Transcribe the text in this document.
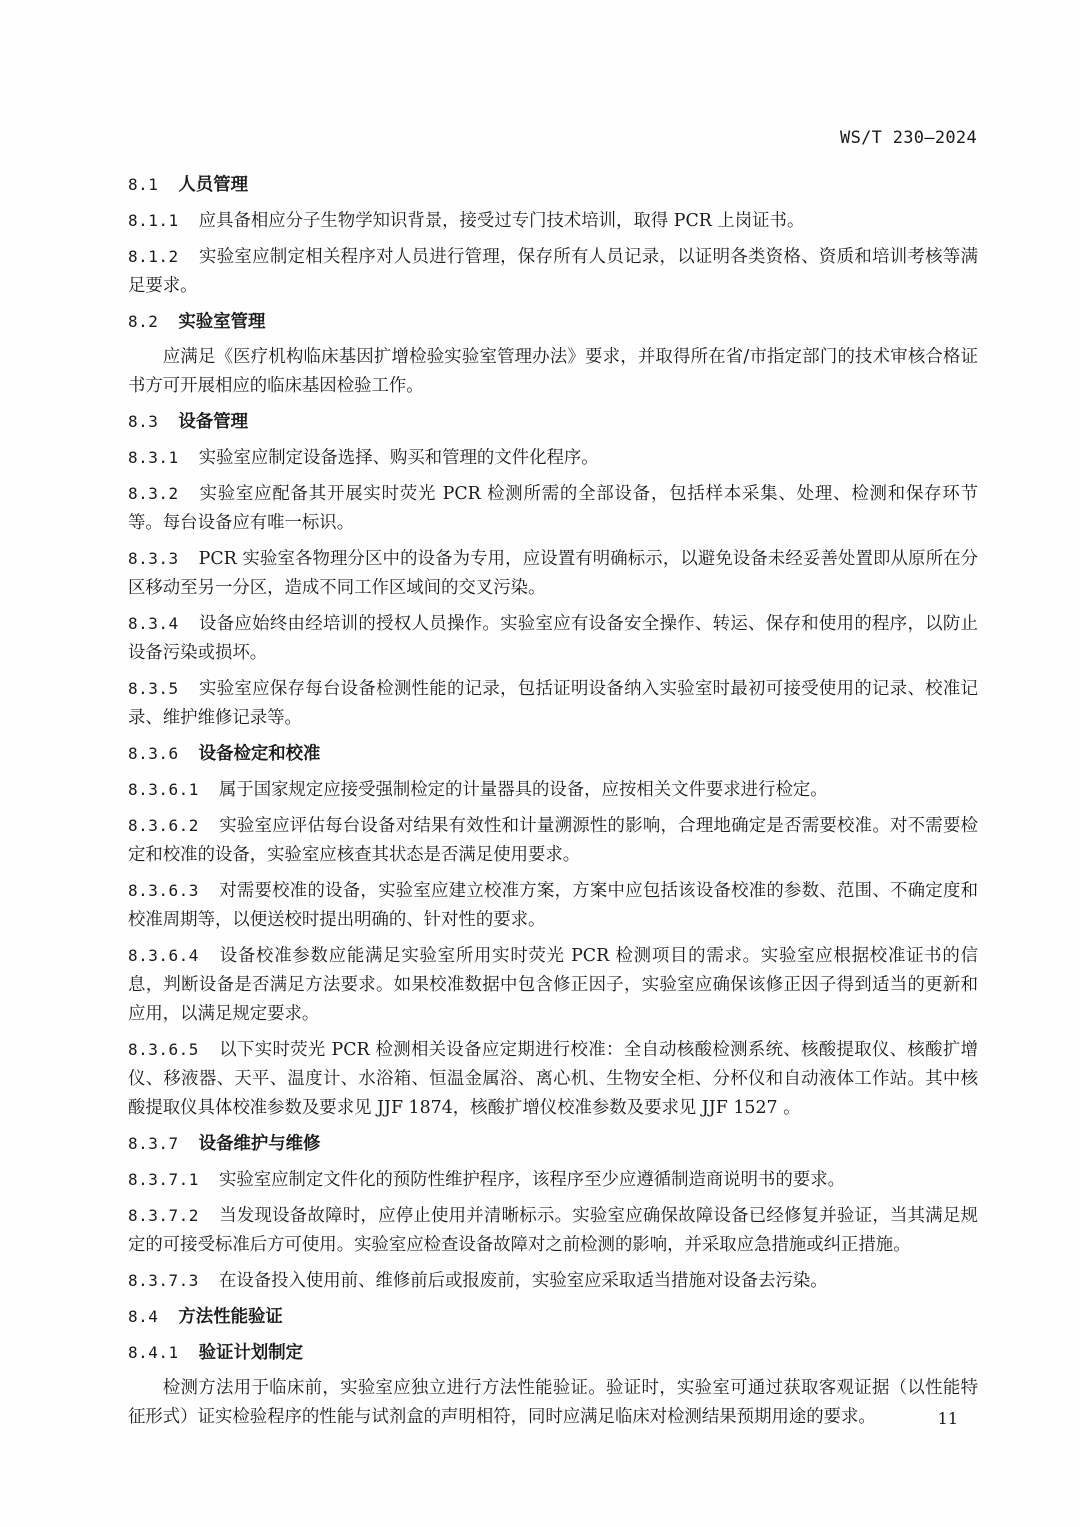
WS/T 230—2024
8.1 人员管理
8.1.1 应具备相应分子生物学知识背景，接受过专门技术培训，取得 PCR 上岗证书。
8.1.2 实验室应制定相关程序对人员进行管理，保存所有人员记录，以证明各类资格、资质和培训考核等满足要求。
8.2 实验室管理
应满足《医疗机构临床基因扩增检验实验室管理办法》要求，并取得所在省/市指定部门的技术审核合格证书方可开展相应的临床基因检验工作。
8.3 设备管理
8.3.1 实验室应制定设备选择、购买和管理的文件化程序。
8.3.2 实验室应配备其开展实时荧光 PCR 检测所需的全部设备，包括样本采集、处理、检测和保存环节等。每台设备应有唯一标识。
8.3.3 PCR 实验室各物理分区中的设备为专用，应设置有明确标示，以避免设备未经妥善处置即从原所在分区移动至另一分区，造成不同工作区域间的交叉污染。
8.3.4 设备应始终由经培训的授权人员操作。实验室应有设备安全操作、转运、保存和使用的程序，以防止设备污染或损坏。
8.3.5 实验室应保存每台设备检测性能的记录，包括证明设备纳入实验室时最初可接受使用的记录、校准记录、维护维修记录等。
8.3.6 设备检定和校准
8.3.6.1 属于国家规定应接受强制检定的计量器具的设备，应按相关文件要求进行检定。
8.3.6.2 实验室应评估每台设备对结果有效性和计量溯源性的影响，合理地确定是否需要校准。对不需要检定和校准的设备，实验室应核查其状态是否满足使用要求。
8.3.6.3 对需要校准的设备，实验室应建立校准方案，方案中应包括该设备校准的参数、范围、不确定度和校准周期等，以便送校时提出明确的、针对性的要求。
8.3.6.4 设备校准参数应能满足实验室所用实时荧光 PCR 检测项目的需求。实验室应根据校准证书的信息，判断设备是否满足方法要求。如果校准数据中包含修正因子，实验室应确保该修正因子得到适当的更新和应用，以满足规定要求。
8.3.6.5 以下实时荧光 PCR 检测相关设备应定期进行校准：全自动核酸检测系统、核酸提取仪、核酸扩增仪、移液器、天平、温度计、水浴箱、恒温金属浴、离心机、生物安全柜、分杯仪和自动液体工作站。其中核酸提取仪具体校准参数及要求见 JJF 1874，核酸扩增仪校准参数及要求见 JJF 1527 。
8.3.7 设备维护与维修
8.3.7.1 实验室应制定文件化的预防性维护程序，该程序至少应遵循制造商说明书的要求。
8.3.7.2 当发现设备故障时，应停止使用并清晰标示。实验室应确保故障设备已经修复并验证，当其满足规定的可接受标准后方可使用。实验室应检查设备故障对之前检测的影响，并采取应急措施或纠正措施。
8.3.7.3 在设备投入使用前、维修前后或报废前，实验室应采取适当措施对设备去污染。
8.4 方法性能验证
8.4.1 验证计划制定
检测方法用于临床前，实验室应独立进行方法性能验证。验证时，实验室可通过获取客观证据（以性能特征形式）证实检验程序的性能与试剂盒的声明相符，同时应满足临床对检测结果预期用途的要求。	11
